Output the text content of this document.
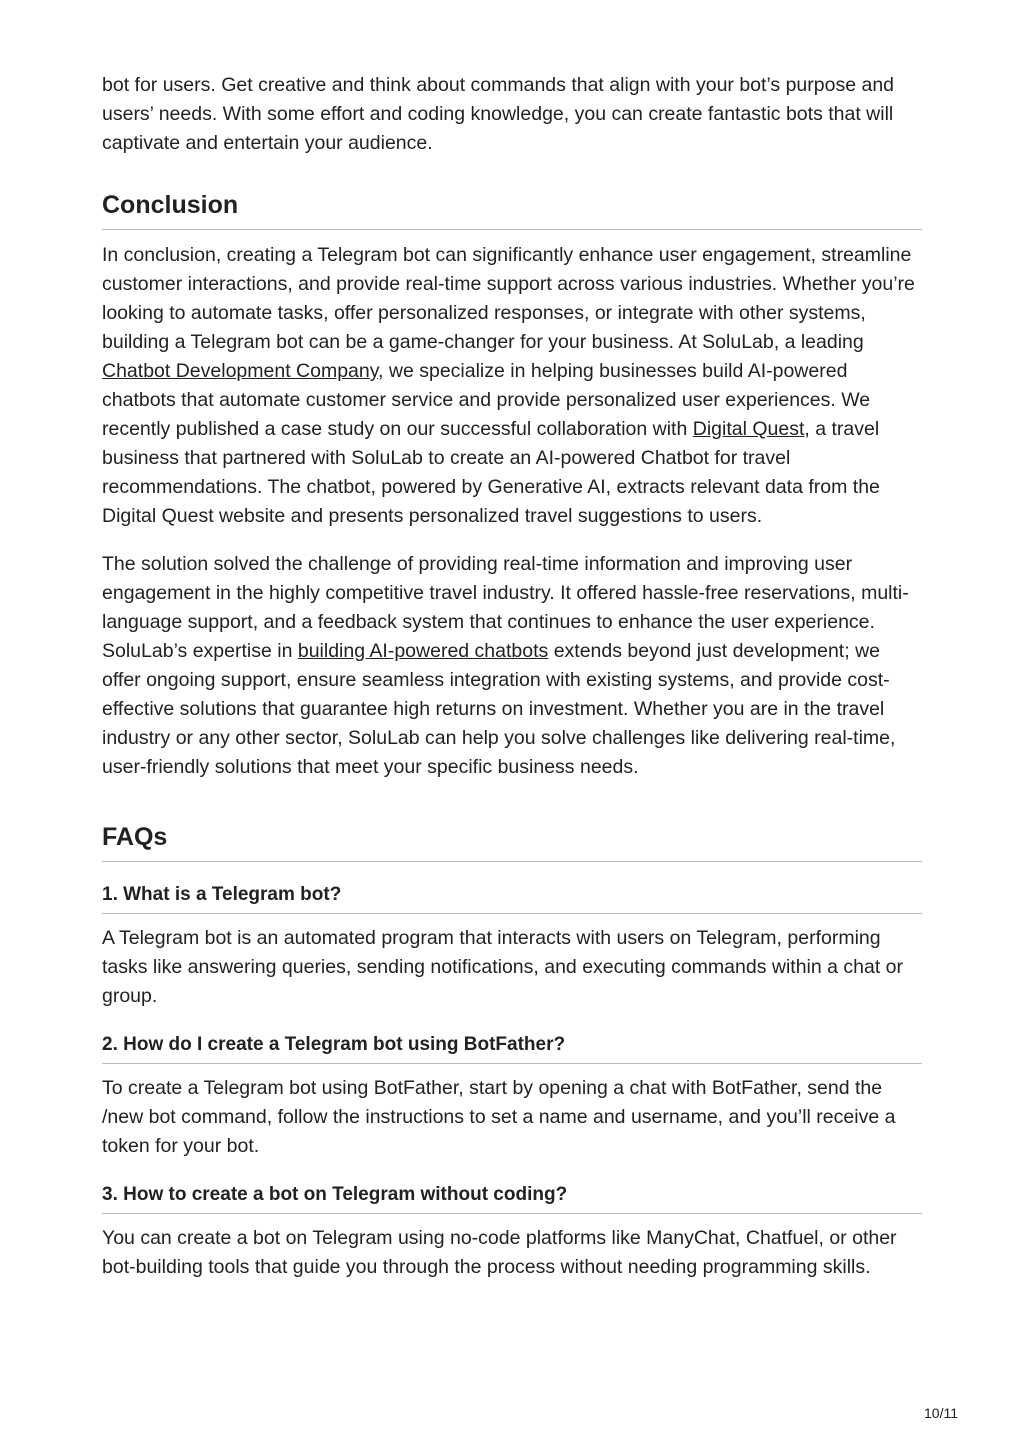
bot for users. Get creative and think about commands that align with your bot’s purpose and users’ needs. With some effort and coding knowledge, you can create fantastic bots that will captivate and entertain your audience.

Conclusion

In conclusion, creating a Telegram bot can significantly enhance user engagement, streamline customer interactions, and provide real-time support across various industries. Whether you’re looking to automate tasks, offer personalized responses, or integrate with other systems, building a Telegram bot can be a game-changer for your business. At SoluLab, a leading Chatbot Development Company, we specialize in helping businesses build AI-powered chatbots that automate customer service and provide personalized user experiences. We recently published a case study on our successful collaboration with Digital Quest, a travel business that partnered with SoluLab to create an AI-powered Chatbot for travel recommendations. The chatbot, powered by Generative AI, extracts relevant data from the Digital Quest website and presents personalized travel suggestions to users.

The solution solved the challenge of providing real-time information and improving user engagement in the highly competitive travel industry. It offered hassle-free reservations, multi-language support, and a feedback system that continues to enhance the user experience. SoluLab’s expertise in building AI-powered chatbots extends beyond just development; we offer ongoing support, ensure seamless integration with existing systems, and provide cost-effective solutions that guarantee high returns on investment. Whether you are in the travel industry or any other sector, SoluLab can help you solve challenges like delivering real-time, user-friendly solutions that meet your specific business needs.

FAQs
1. What is a Telegram bot?

A Telegram bot is an automated program that interacts with users on Telegram, performing tasks like answering queries, sending notifications, and executing commands within a chat or group.

2. How do I create a Telegram bot using BotFather?

To create a Telegram bot using BotFather, start by opening a chat with BotFather, send the /new bot command, follow the instructions to set a name and username, and you’ll receive a token for your bot.

3. How to create a bot on Telegram without coding?

You can create a bot on Telegram using no-code platforms like ManyChat, Chatfuel, or other bot-building tools that guide you through the process without needing programming skills.

10/11
